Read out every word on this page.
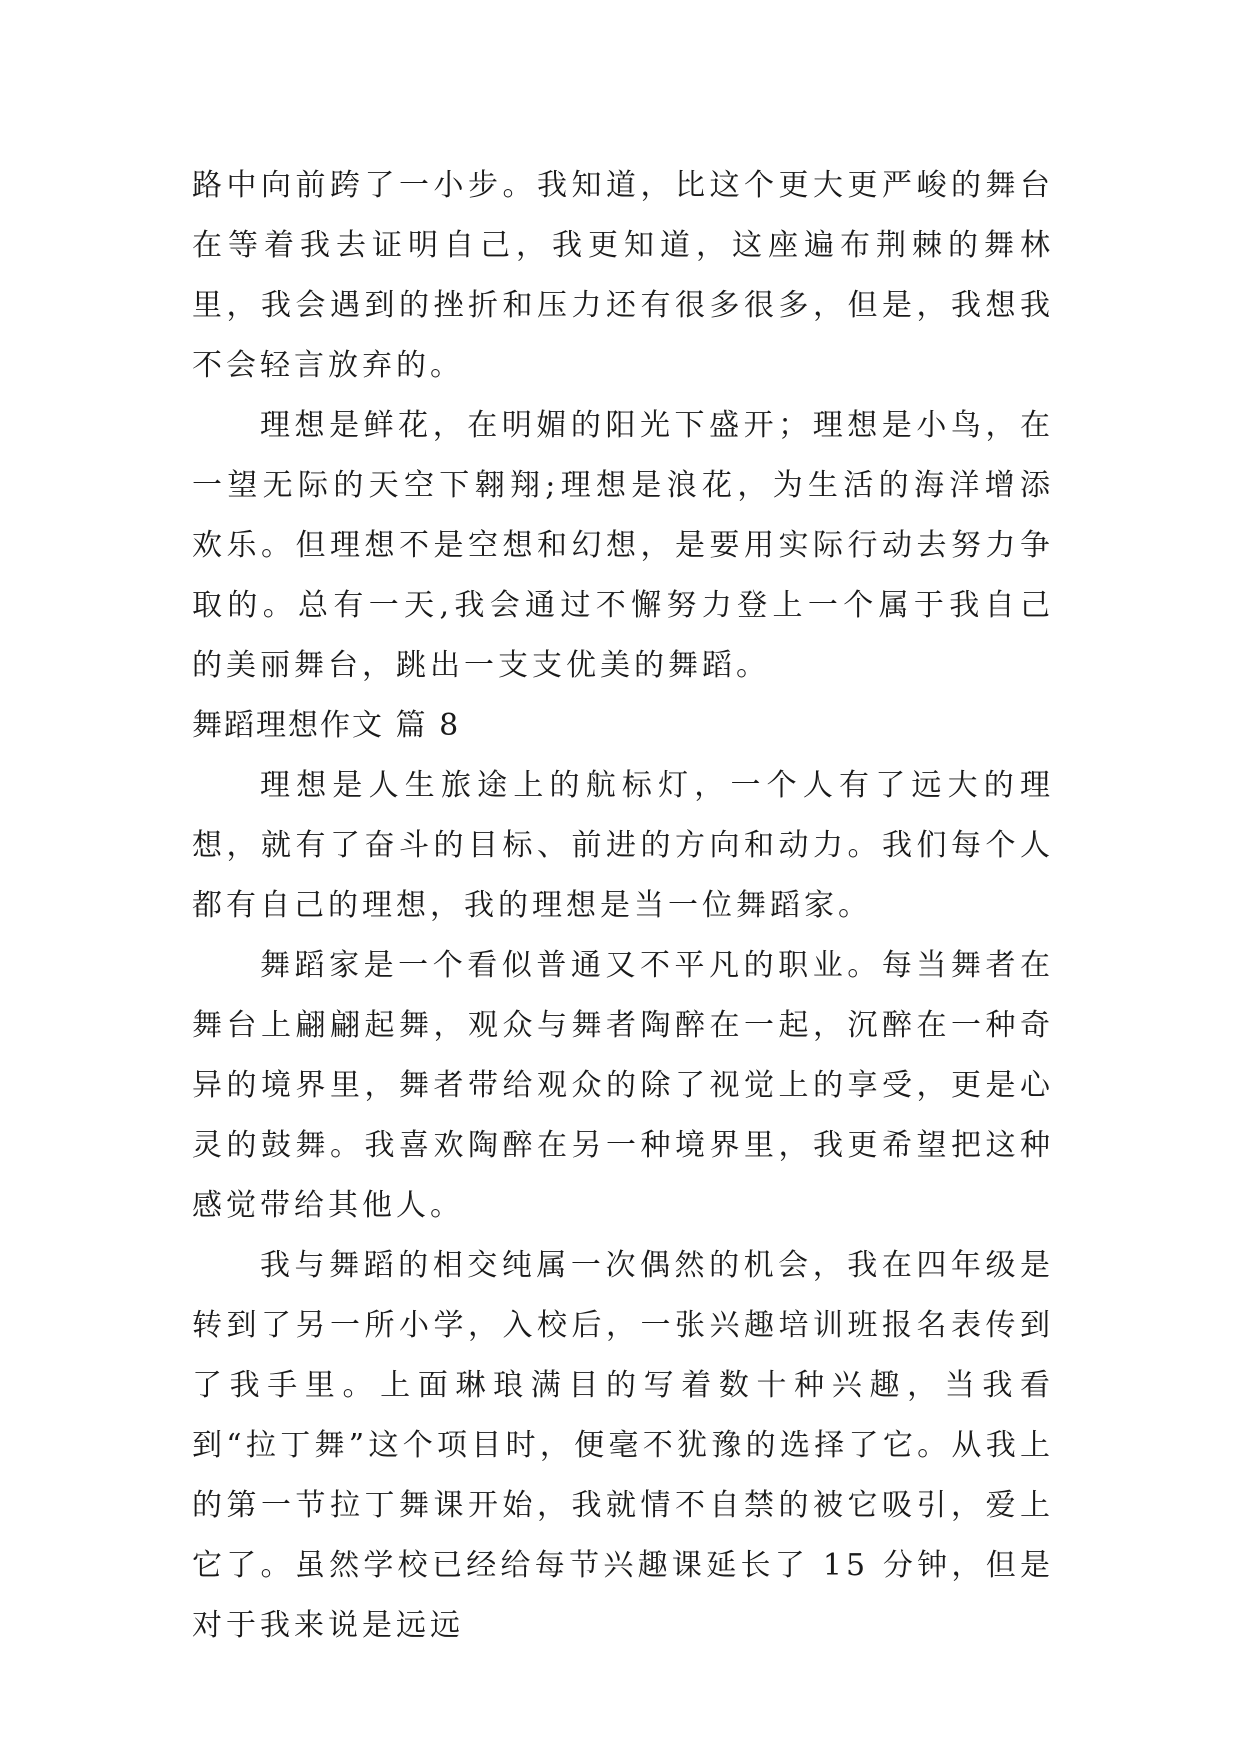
路中向前跨了一小步。我知道，比这个更大更严峻的舞台在等着我去证明自己，我更知道，这座遍布荆棘的舞林里，我会遇到的挫折和压力还有很多很多，但是，我想我不会轻言放弃的。

理想是鲜花，在明媚的阳光下盛开；理想是小鸟，在一望无际的天空下翱翔;理想是浪花，为生活的海洋增添欢乐。但理想不是空想和幻想，是要用实际行动去努力争取的。总有一天,我会通过不懈努力登上一个属于我自己的美丽舞台，跳出一支支优美的舞蹈。

舞蹈理想作文 篇 8

理想是人生旅途上的航标灯，一个人有了远大的理想，就有了奋斗的目标、前进的方向和动力。我们每个人都有自己的理想，我的理想是当一位舞蹈家。

舞蹈家是一个看似普通又不平凡的职业。每当舞者在舞台上翩翩起舞，观众与舞者陶醉在一起，沉醉在一种奇异的境界里，舞者带给观众的除了视觉上的享受，更是心灵的鼓舞。我喜欢陶醉在另一种境界里，我更希望把这种感觉带给其他人。

我与舞蹈的相交纯属一次偶然的机会，我在四年级是转到了另一所小学，入校后，一张兴趣培训班报名表传到了我手里。上面琳琅满目的写着数十种兴趣，当我看到“拉丁舞”这个项目时，便毫不犹豫的选择了它。从我上的第一节拉丁舞课开始，我就情不自禁的被它吸引，爱上它了。虽然学校已经给每节兴趣课延长了 15 分钟，但是对于我来说是远远
